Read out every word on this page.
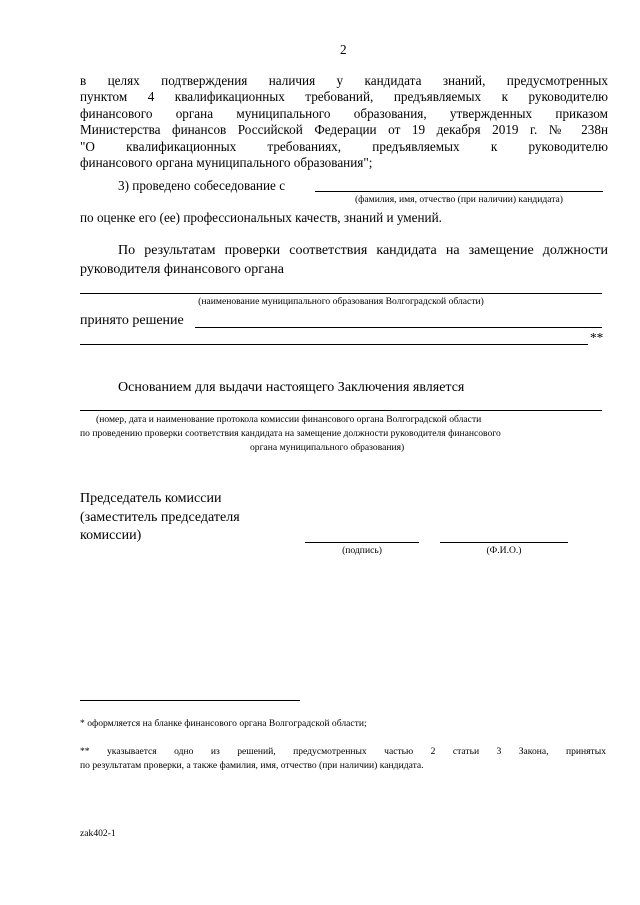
2
в целях подтверждения наличия у кандидата знаний, предусмотренных
пунктом 4 квалификационных требований, предъявляемых к руководителю
финансового органа муниципального образования, утвержденных приказом
Министерства финансов Российской Федерации от 19 декабря 2019 г. № 238н
"О квалификационных требованиях, предъявляемых к руководителю
финансового органа муниципального образования";
3) проведено собеседование с
(фамилия, имя, отчество (при наличии) кандидата)
по оценке его (ее) профессиональных качеств, знаний и умений.
По результатам проверки соответствия кандидата на замещение должности
руководителя финансового органа
(наименование муниципального образования Волгоградской области)
принято решение
**
Основанием для выдачи настоящего Заключения является
(номер, дата и наименование протокола комиссии финансового органа Волгоградской области
по проведению проверки соответствия кандидата на замещение должности руководителя финансового
органа муниципального образования)
Председатель комиссии
(заместитель председателя
комиссии)
(подпись)	(Ф.И.О.)
* оформляется на бланке финансового органа Волгоградской области;
** указывается одно из решений, предусмотренных частью 2 статьи 3 Закона, принятых
по результатам проверки, а также фамилия, имя, отчество (при наличии) кандидата.
zak402-1
